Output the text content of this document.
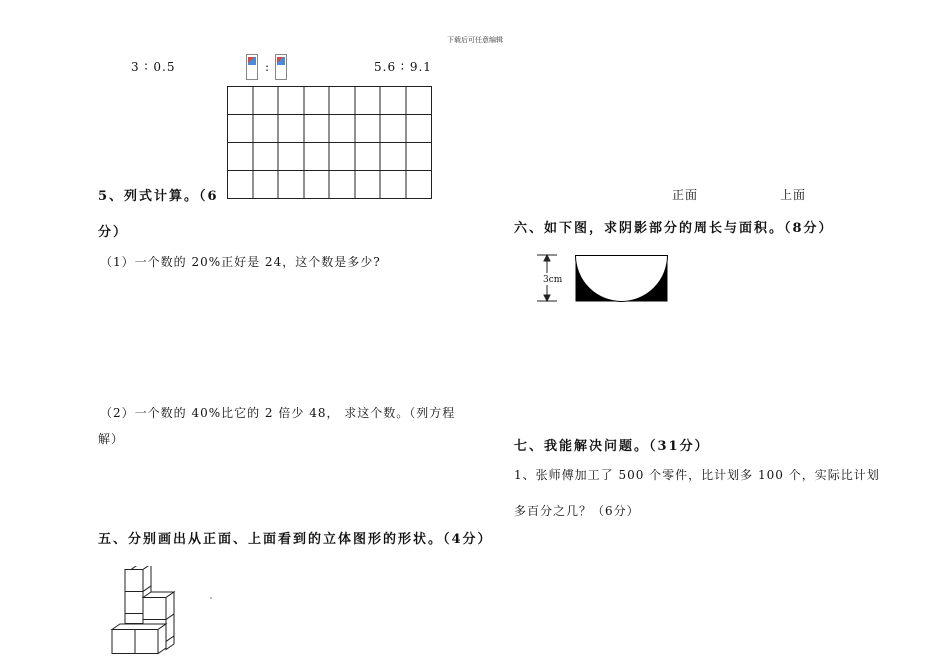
下载后可任意编辑
3 ∶ 0.5	:	5.6 ∶ 9.1
5、列式计算。（6
分）
（1）一个数的 20%正好是 24，这个数是多少?
（2）一个数的 40%比它的 2 倍少 48， 求这个数。（列方程
解）
五、分别画出从正面、上面看到的立体图形的形状。（4分）
正面	上面
六、如下图，求阴影部分的周长与面积。（8分）
3cm
七、我能解决问题。（31分）
1、张师傅加工了 500 个零件，比计划多 100 个，实际比计划
多百分之几？（6分）
